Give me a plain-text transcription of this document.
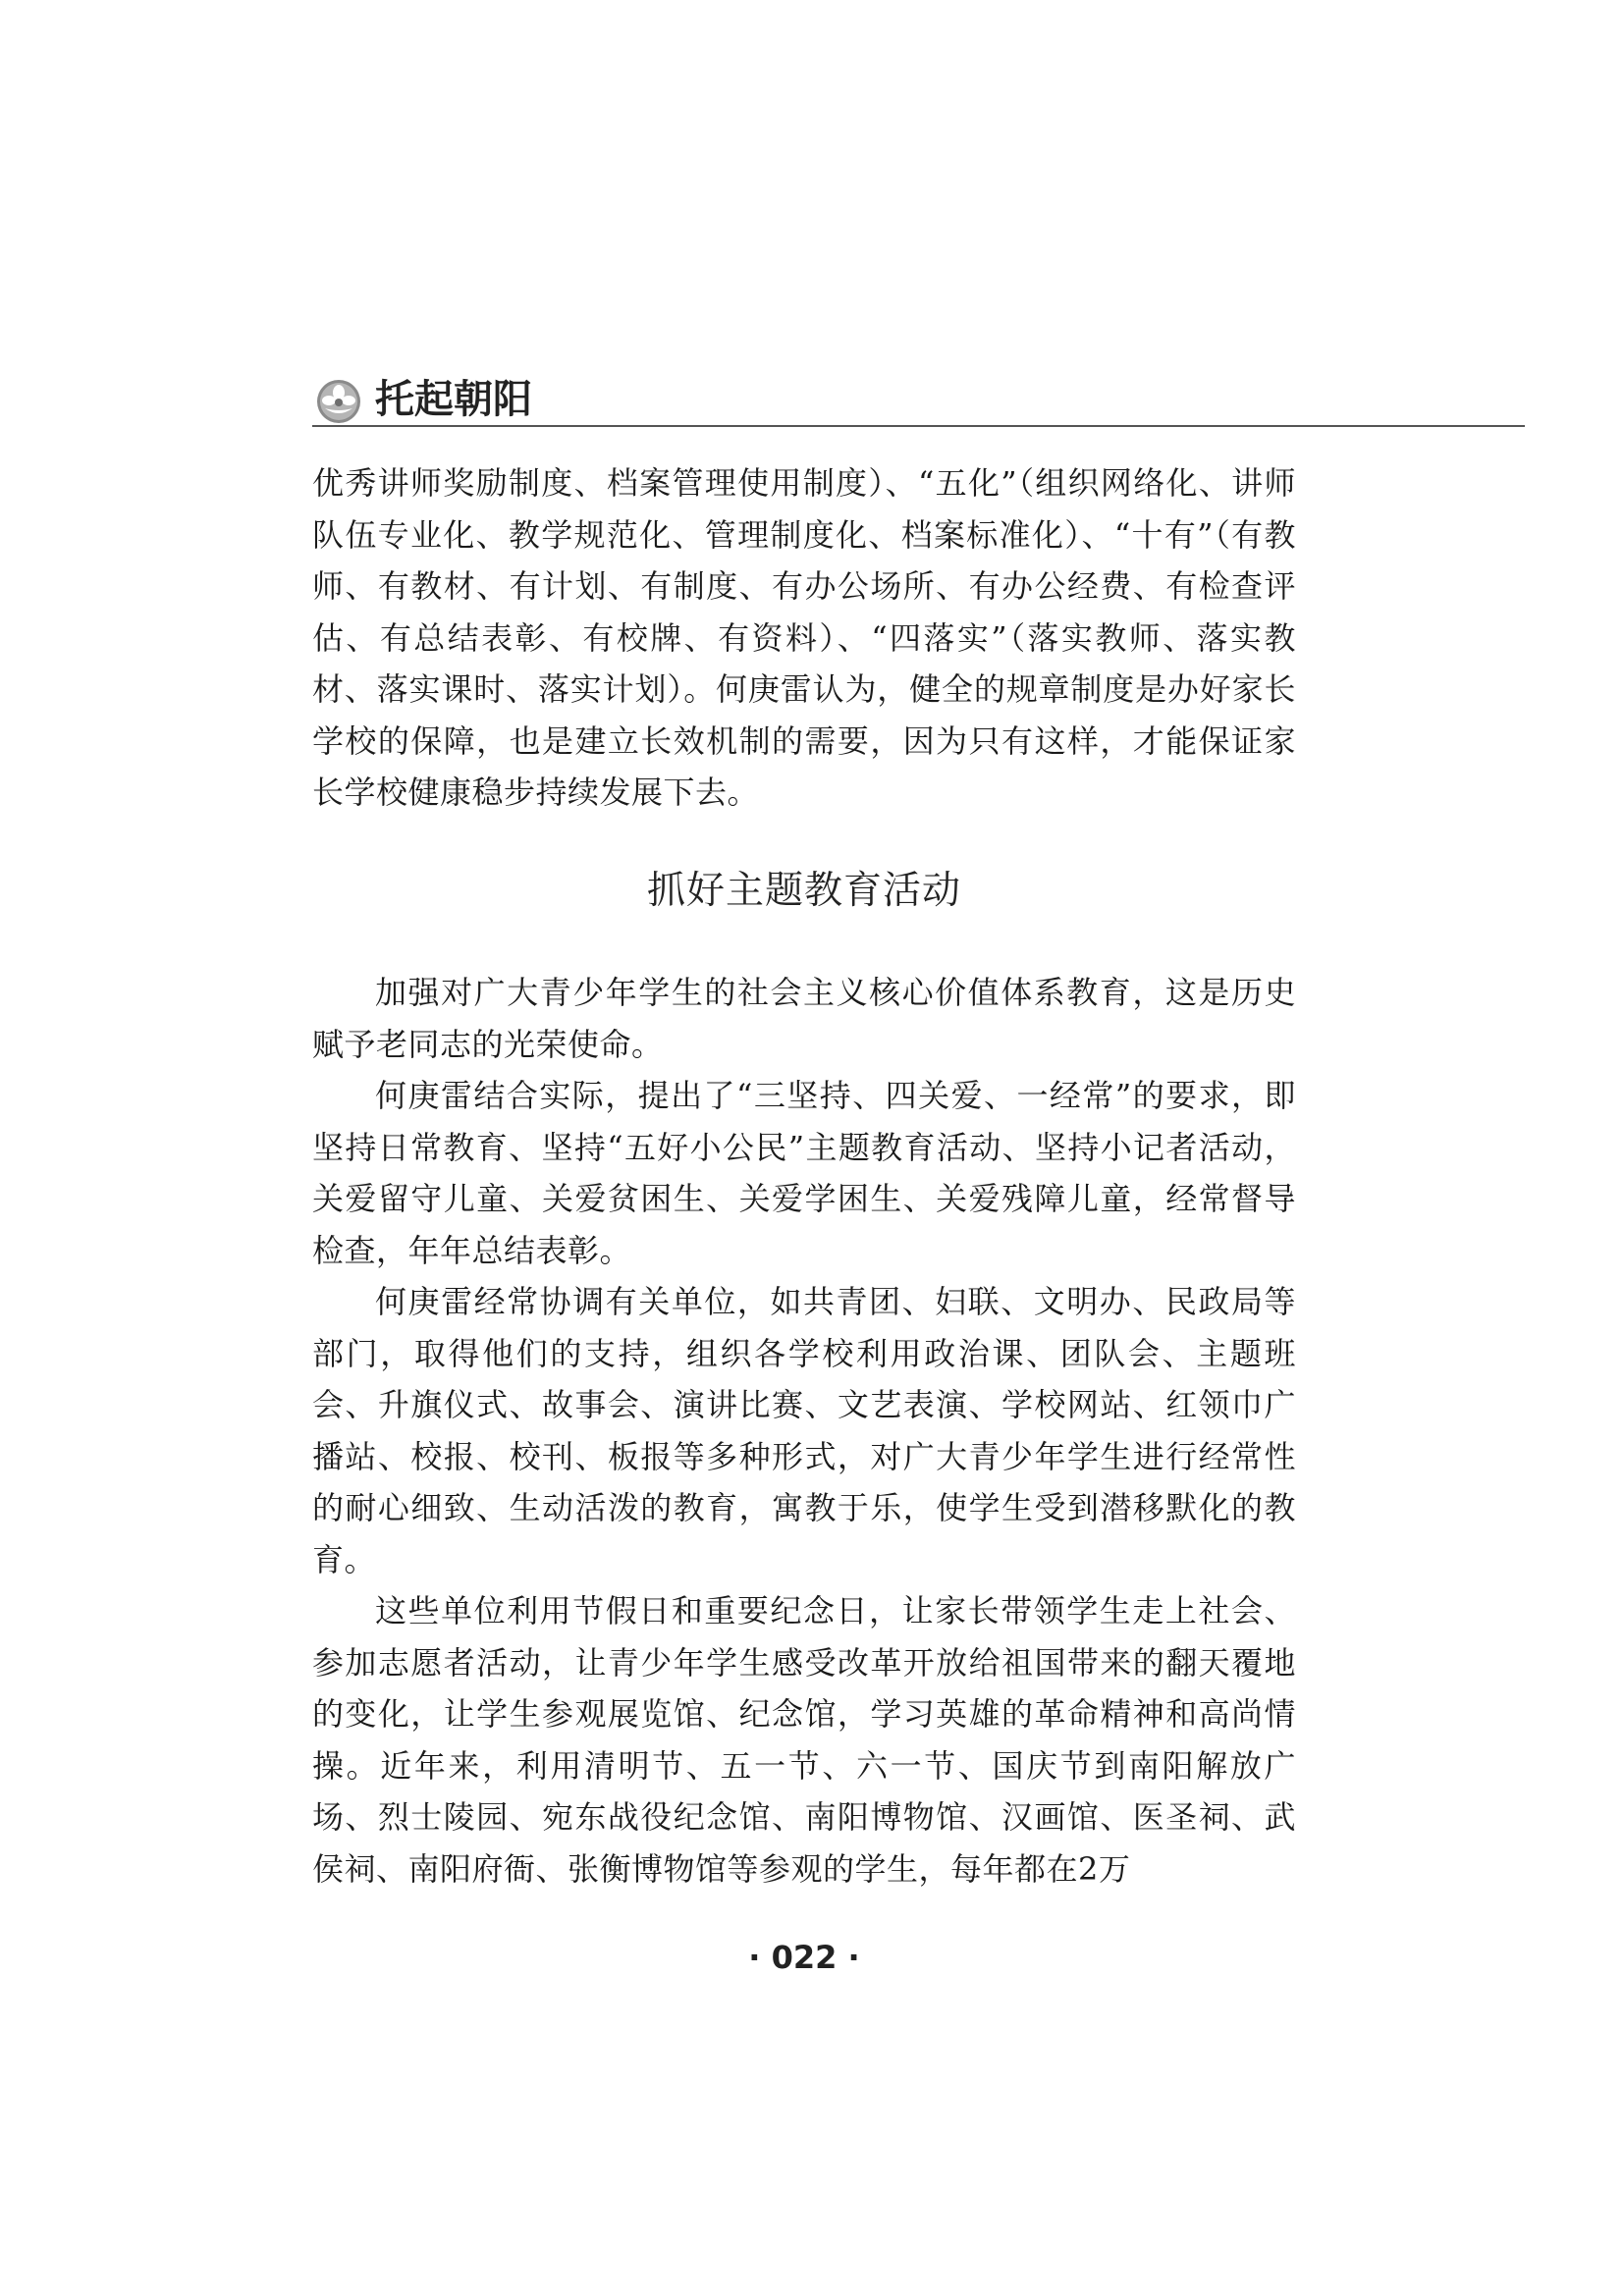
托起朝阳

优秀讲师奖励制度、档案管理使用制度）、“五化”（组织网络化、讲师队伍专业化、教学规范化、管理制度化、档案标准化）、“十有”（有教师、有教材、有计划、有制度、有办公场所、有办公经费、有检查评估、有总结表彰、有校牌、有资料）、“四落实”（落实教师、落实教材、落实课时、落实计划）。何庚雷认为，健全的规章制度是办好家长学校的保障，也是建立长效机制的需要，因为只有这样，才能保证家长学校健康稳步持续发展下去。

抓好主题教育活动

加强对广大青少年学生的社会主义核心价值体系教育，这是历史赋予老同志的光荣使命。

何庚雷结合实际，提出了“三坚持、四关爱、一经常”的要求，即坚持日常教育、坚持“五好小公民”主题教育活动、坚持小记者活动，关爱留守儿童、关爱贫困生、关爱学困生、关爱残障儿童，经常督导检查，年年总结表彰。

何庚雷经常协调有关单位，如共青团、妇联、文明办、民政局等部门，取得他们的支持，组织各学校利用政治课、团队会、主题班会、升旗仪式、故事会、演讲比赛、文艺表演、学校网站、红领巾广播站、校报、校刊、板报等多种形式，对广大青少年学生进行经常性的耐心细致、生动活泼的教育，寓教于乐，使学生受到潜移默化的教育。

这些单位利用节假日和重要纪念日，让家长带领学生走上社会、参加志愿者活动，让青少年学生感受改革开放给祖国带来的翻天覆地的变化，让学生参观展览馆、纪念馆，学习英雄的革命精神和高尚情操。近年来，利用清明节、五一节、六一节、国庆节到南阳解放广场、烈士陵园、宛东战役纪念馆、南阳博物馆、汉画馆、医圣祠、武侯祠、南阳府衙、张衡博物馆等参观的学生，每年都在2万

· 022 ·
